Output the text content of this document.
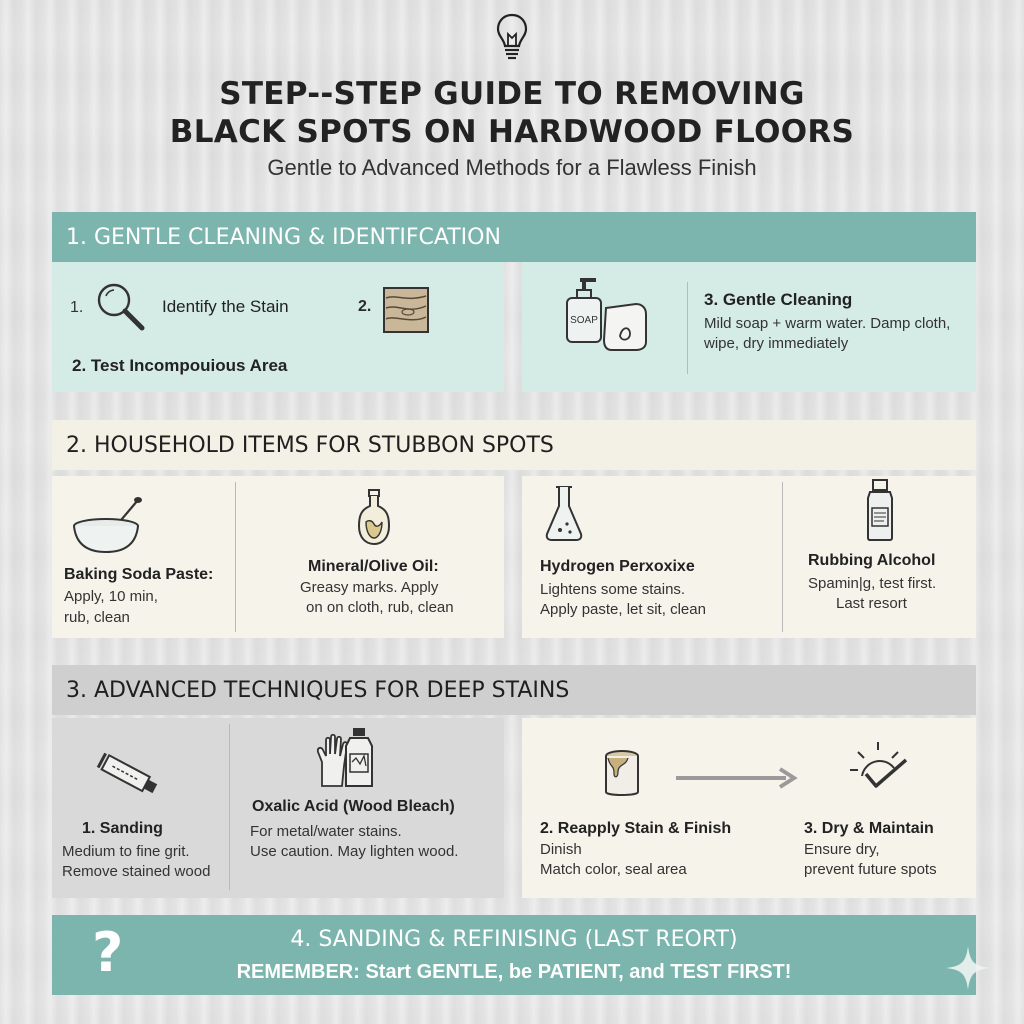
STEP--STEP GUIDE TO REMOVING
BLACK SPOTS ON HARDWOOD FLOORS
Gentle to Advanced Methods for a Flawless Finish
1. GENTLE CLEANING & IDENTIFCATION
1.	Identify the Stain	2.
2. Test Incompouious Area
SOAP
3. Gentle Cleaning
Mild soap + warm water. Damp cloth,
wipe, dry immediately
2. HOUSEHOLD ITEMS FOR STUBBON SPOTS
Baking Soda Paste:
Apply, 10 min,
rub, clean
Mineral/Olive Oil:
Greasy marks. Apply
on on cloth, rub, clean
Hydrogen Perxoxixe
Lightens some stains.
Apply paste, let sit, clean
Rubbing Alcohol
Spamin|g, test first.
Last resort
3. ADVANCED TECHNIQUES FOR DEEP STAINS
1. Sanding
Medium to fine grit.
Remove stained wood
Oxalic Acid (Wood Bleach)
For metal/water stains.
Use caution. May lighten wood.
2. Reapply Stain & Finish
Dinish
Match color, seal area
3. Dry & Maintain
Ensure dry,
prevent future spots
?	4. SANDING & REFINISING (LAST REORT)
REMEMBER: Start GENTLE, be PATIENT, and TEST FIRST!
